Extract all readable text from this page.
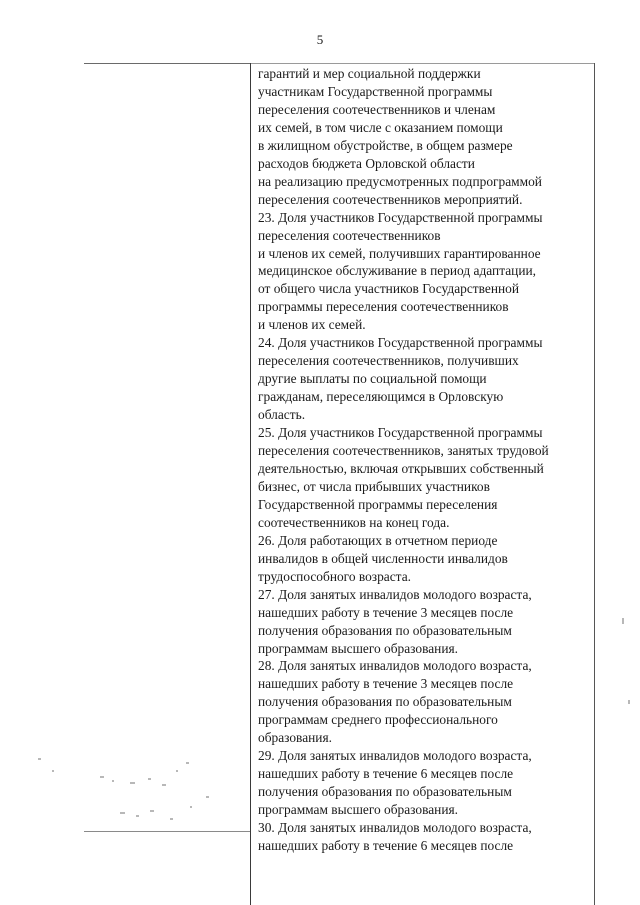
5
гарантий и мер социальной поддержки
участникам Государственной программы
переселения соотечественников и членам
их семей, в том числе с оказанием помощи
в жилищном обустройстве, в общем размере
расходов бюджета Орловской области
на реализацию предусмотренных подпрограммой
переселения соотечественников мероприятий.
23. Доля участников Государственной программы
переселения соотечественников
и членов их семей, получивших гарантированное
медицинское обслуживание в период адаптации,
от общего числа участников Государственной
программы переселения соотечественников
и членов их семей.
24. Доля участников Государственной программы
переселения соотечественников, получивших
другие выплаты по социальной помощи
гражданам, переселяющимся в Орловскую
область.
25. Доля участников Государственной программы
переселения соотечественников, занятых трудовой
деятельностью, включая открывших собственный
бизнес, от числа прибывших участников
Государственной программы переселения
соотечественников на конец года.
26. Доля работающих в отчетном периоде
инвалидов в общей численности инвалидов
трудоспособного возраста.
27. Доля занятых инвалидов молодого возраста,
нашедших работу в течение 3 месяцев после
получения образования по образовательным
программам высшего образования.
28. Доля занятых инвалидов молодого возраста,
нашедших работу в течение 3 месяцев после
получения образования по образовательным
программам среднего профессионального
образования.
29. Доля занятых инвалидов молодого возраста,
нашедших работу в течение 6 месяцев после
получения образования по образовательным
программам высшего образования.
30. Доля занятых инвалидов молодого возраста,
нашедших работу в течение 6 месяцев после
